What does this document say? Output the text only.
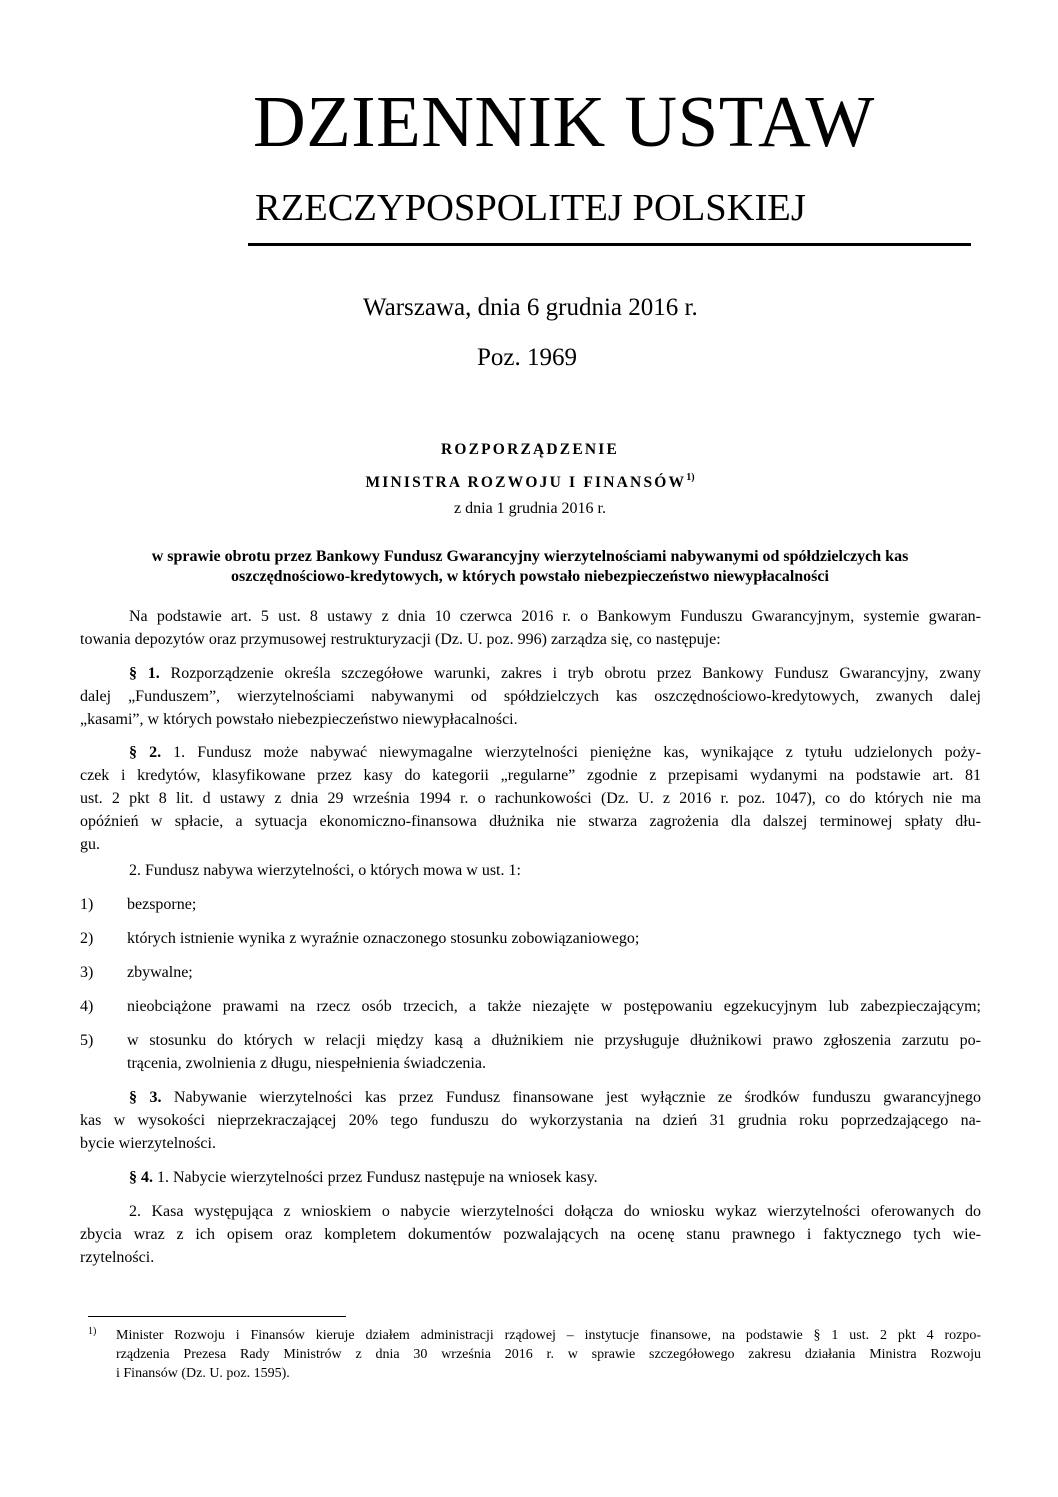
DZIENNIK USTAW
RZECZYPOSPOLITEJ POLSKIEJ
Warszawa, dnia 6 grudnia 2016 r.
Poz. 1969
ROZPORZĄDZENIE
MINISTRA ROZWOJU I FINANSÓW$^{1)}$
z dnia 1 grudnia 2016 r.
w sprawie obrotu przez Bankowy Fundusz Gwarancyjny wierzytelnościami nabywanymi od spółdzielczych kas
oszczędnościowo-kredytowych, w których powstało niebezpieczeństwo niewypłacalności
Na podstawie art. 5 ust. 8 ustawy z dnia 10 czerwca 2016 r. o Bankowym Funduszu Gwarancyjnym, systemie gwaran-
towania depozytów oraz przymusowej restrukturyzacji (Dz. U. poz. 996) zarządza się, co następuje:
§ 1. Rozporządzenie określa szczegółowe warunki, zakres i tryb obrotu przez Bankowy Fundusz Gwarancyjny, zwany
dalej „Funduszem”, wierzytelnościami nabywanymi od spółdzielczych kas oszczędnościowo-kredytowych, zwanych dalej
„kasami”, w których powstało niebezpieczeństwo niewypłacalności.
§ 2. 1. Fundusz może nabywać niewymagalne wierzytelności pieniężne kas, wynikające z tytułu udzielonych poży-
czek i kredytów, klasyfikowane przez kasy do kategorii „regularne” zgodnie z przepisami wydanymi na podstawie art. 81
ust. 2 pkt 8 lit. d ustawy z dnia 29 września 1994 r. o rachunkowości (Dz. U. z 2016 r. poz. 1047), co do których nie ma
opóźnień w spłacie, a sytuacja ekonomiczno-finansowa dłużnika nie stwarza zagrożenia dla dalszej terminowej spłaty dłu-
gu.
2. Fundusz nabywa wierzytelności, o których mowa w ust. 1:
1) bezsporne;
2) których istnienie wynika z wyraźnie oznaczonego stosunku zobowiązaniowego;
3) zbywalne;
4) nieobciążone prawami na rzecz osób trzecich, a także niezajęte w postępowaniu egzekucyjnym lub zabezpieczającym;
5) w stosunku do których w relacji między kasą a dłużnikiem nie przysługuje dłużnikowi prawo zgłoszenia zarzutu po-
trącenia, zwolnienia z długu, niespełnienia świadczenia.
§ 3. Nabywanie wierzytelności kas przez Fundusz finansowane jest wyłącznie ze środków funduszu gwarancyjnego
kas w wysokości nieprzekraczającej 20% tego funduszu do wykorzystania na dzień 31 grudnia roku poprzedzającego na-
bycie wierzytelności.
§ 4. 1. Nabycie wierzytelności przez Fundusz następuje na wniosek kasy.
2. Kasa występująca z wnioskiem o nabycie wierzytelności dołącza do wniosku wykaz wierzytelności oferowanych do
zbycia wraz z ich opisem oraz kompletem dokumentów pozwalających na ocenę stanu prawnego i faktycznego tych wie-
rzytelności.
1) Minister Rozwoju i Finansów kieruje działem administracji rządowej – instytucje finansowe, na podstawie § 1 ust. 2 pkt 4 rozpo-
rządzenia Prezesa Rady Ministrów z dnia 30 września 2016 r. w sprawie szczegółowego zakresu działania Ministra Rozwoju
i Finansów (Dz. U. poz. 1595).
